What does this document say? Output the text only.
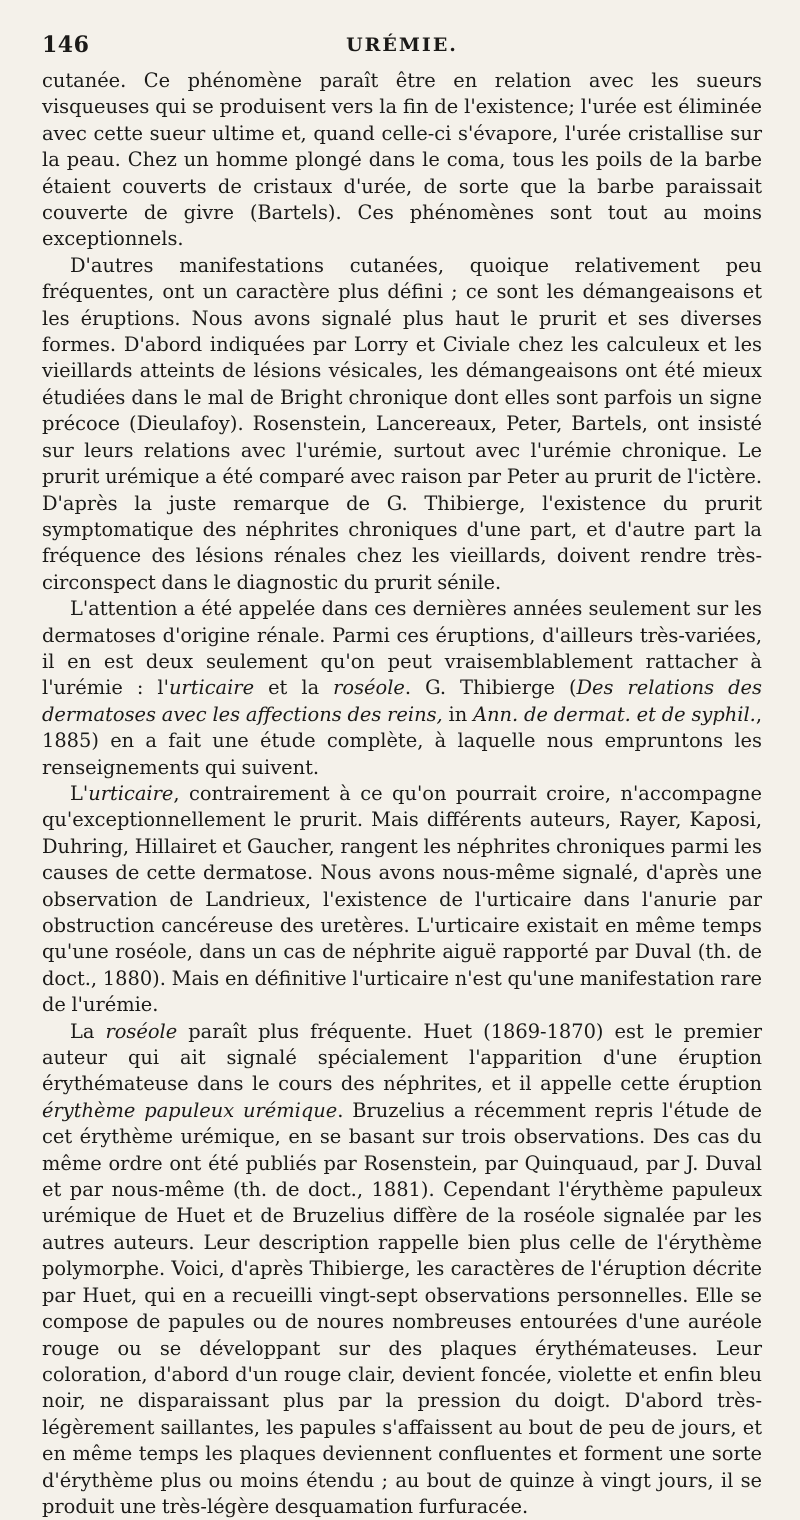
146	URÉMIE.

cutanée. Ce phénomène paraît être en relation avec les sueurs visqueuses qui se produisent vers la fin de l'existence; l'urée est éliminée avec cette sueur ultime et, quand celle-ci s'évapore, l'urée cristallise sur la peau. Chez un homme plongé dans le coma, tous les poils de la barbe étaient couverts de cristaux d'urée, de sorte que la barbe paraissait couverte de givre (Bartels). Ces phénomènes sont tout au moins exceptionnels.

D'autres manifestations cutanées, quoique relativement peu fréquentes, ont un caractère plus défini ; ce sont les démangeaisons et les éruptions. Nous avons signalé plus haut le prurit et ses diverses formes. D'abord indiquées par Lorry et Civiale chez les calculeux et les vieillards atteints de lésions vésicales, les démangeaisons ont été mieux étudiées dans le mal de Bright chronique dont elles sont parfois un signe précoce (Dieulafoy). Rosenstein, Lancereaux, Peter, Bartels, ont insisté sur leurs relations avec l'urémie, surtout avec l'urémie chronique. Le prurit urémique a été comparé avec raison par Peter au prurit de l'ictère. D'après la juste remarque de G. Thibierge, l'existence du prurit symptomatique des néphrites chroniques d'une part, et d'autre part la fréquence des lésions rénales chez les vieillards, doivent rendre très-circonspect dans le diagnostic du prurit sénile.

L'attention a été appelée dans ces dernières années seulement sur les dermatoses d'origine rénale. Parmi ces éruptions, d'ailleurs très-variées, il en est deux seulement qu'on peut vraisemblablement rattacher à l'urémie : l'urticaire et la roséole. G. Thibierge (Des relations des dermatoses avec les affections des reins, in Ann. de dermat. et de syphil., 1885) en a fait une étude complète, à laquelle nous empruntons les renseignements qui suivent.

L'urticaire, contrairement à ce qu'on pourrait croire, n'accompagne qu'exceptionnellement le prurit. Mais différents auteurs, Rayer, Kaposi, Duhring, Hillairet et Gaucher, rangent les néphrites chroniques parmi les causes de cette dermatose. Nous avons nous-même signalé, d'après une observation de Landrieux, l'existence de l'urticaire dans l'anurie par obstruction cancéreuse des uretères. L'urticaire existait en même temps qu'une roséole, dans un cas de néphrite aiguë rapporté par Duval (th. de doct., 1880). Mais en définitive l'urticaire n'est qu'une manifestation rare de l'urémie.

La roséole paraît plus fréquente. Huet (1869-1870) est le premier auteur qui ait signalé spécialement l'apparition d'une éruption érythémateuse dans le cours des néphrites, et il appelle cette éruption érythème papuleux urémique. Bruzelius a récemment repris l'étude de cet érythème urémique, en se basant sur trois observations. Des cas du même ordre ont été publiés par Rosenstein, par Quinquaud, par J. Duval et par nous-même (th. de doct., 1881). Cependant l'érythème papuleux urémique de Huet et de Bruzelius diffère de la roséole signalée par les autres auteurs. Leur description rappelle bien plus celle de l'érythème polymorphe. Voici, d'après Thibierge, les caractères de l'éruption décrite par Huet, qui en a recueilli vingt-sept observations personnelles. Elle se compose de papules ou de noures nombreuses entourées d'une auréole rouge ou se développant sur des plaques érythémateuses. Leur coloration, d'abord d'un rouge clair, devient foncée, violette et enfin bleu noir, ne disparaissant plus par la pression du doigt. D'abord très-légèrement saillantes, les papules s'affaissent au bout de peu de jours, et en même temps les plaques deviennent confluentes et forment une sorte d'érythème plus ou moins étendu ; au bout de quinze à vingt jours, il se produit une très-légère desquamation furfuracée.
